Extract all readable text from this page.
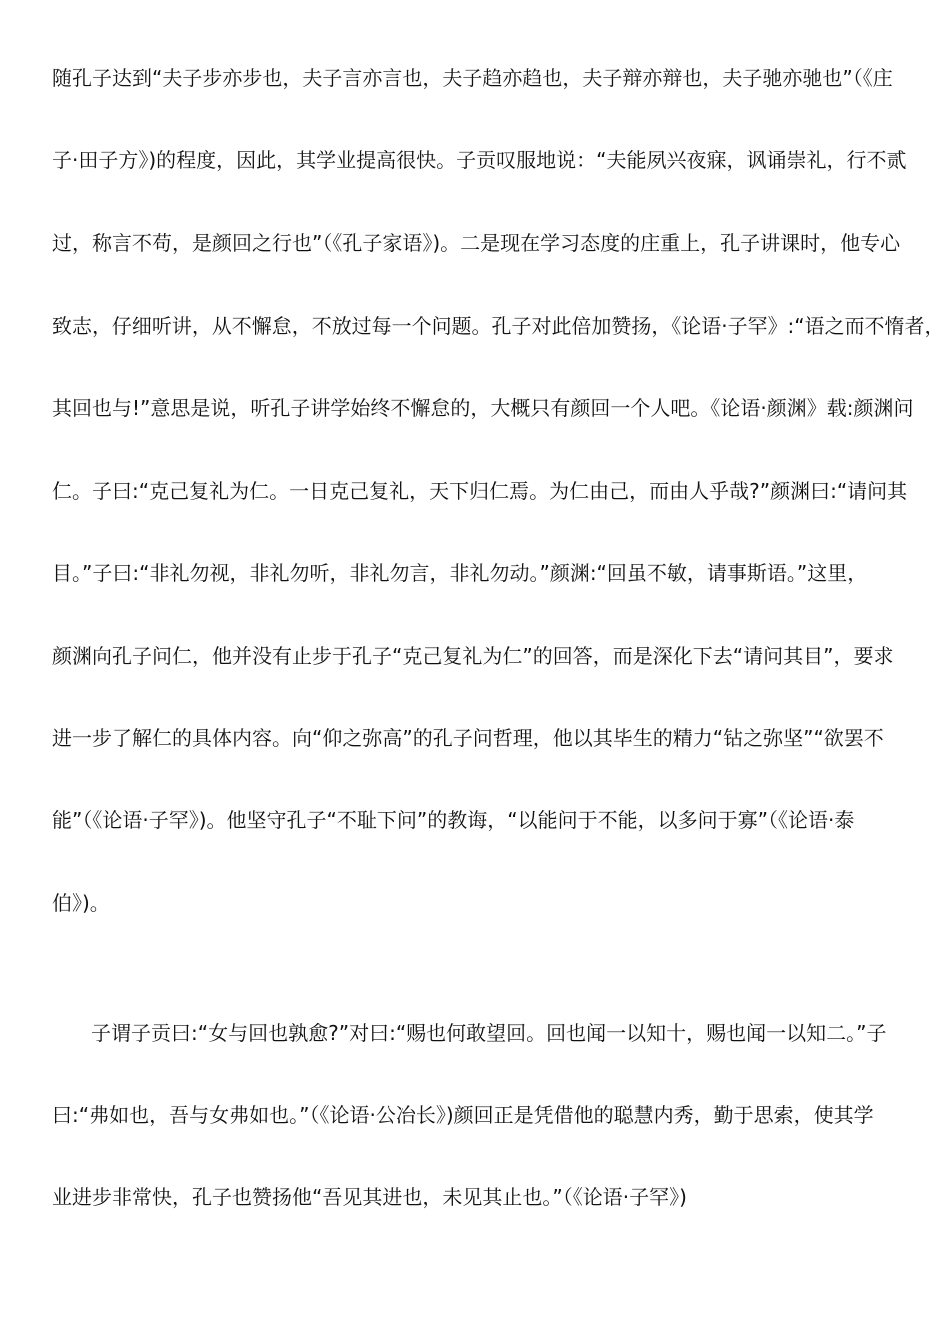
随孔子达到“夫子步亦步也，夫子言亦言也，夫子趋亦趋也，夫子辩亦辩也，夫子驰亦驰也”（《庄
子·田子方》)的程度，因此，其学业提高很快。子贡叹服地说：“夫能夙兴夜寐，讽诵崇礼，行不贰
过，称言不苟，是颜回之行也”（《孔子家语》)。二是现在学习态度的庄重上，孔子讲课时，他专心
致志，仔细听讲，从不懈怠，不放过每一个问题。孔子对此倍加赞扬，《论语·子罕》:“语之而不惰者，
其回也与!”意思是说，听孔子讲学始终不懈怠的，大概只有颜回一个人吧。《论语·颜渊》载:颜渊问
仁。子曰:“克己复礼为仁。一日克己复礼，天下归仁焉。为仁由己，而由人乎哉?”颜渊曰:“请问其
目。”子曰:“非礼勿视，非礼勿听，非礼勿言，非礼勿动。”颜渊:“回虽不敏，请事斯语。”这里，
颜渊向孔子问仁，他并没有止步于孔子“克己复礼为仁”的回答，而是深化下去“请问其目”，要求
进一步了解仁的具体内容。向“仰之弥高”的孔子问哲理，他以其毕生的精力“钻之弥坚”“欲罢不
能”（《论语·子罕》)。他坚守孔子“不耻下问”的教诲，“以能问于不能，以多问于寡”（《论语·泰
伯》)。
子谓子贡曰:“女与回也孰愈?”对曰:“赐也何敢望回。回也闻一以知十，赐也闻一以知二。”子
曰:“弗如也，吾与女弗如也。”（《论语·公冶长》)颜回正是凭借他的聪慧内秀，勤于思索，使其学
业进步非常快，孔子也赞扬他“吾见其进也，未见其止也。”（《论语·子罕》)
